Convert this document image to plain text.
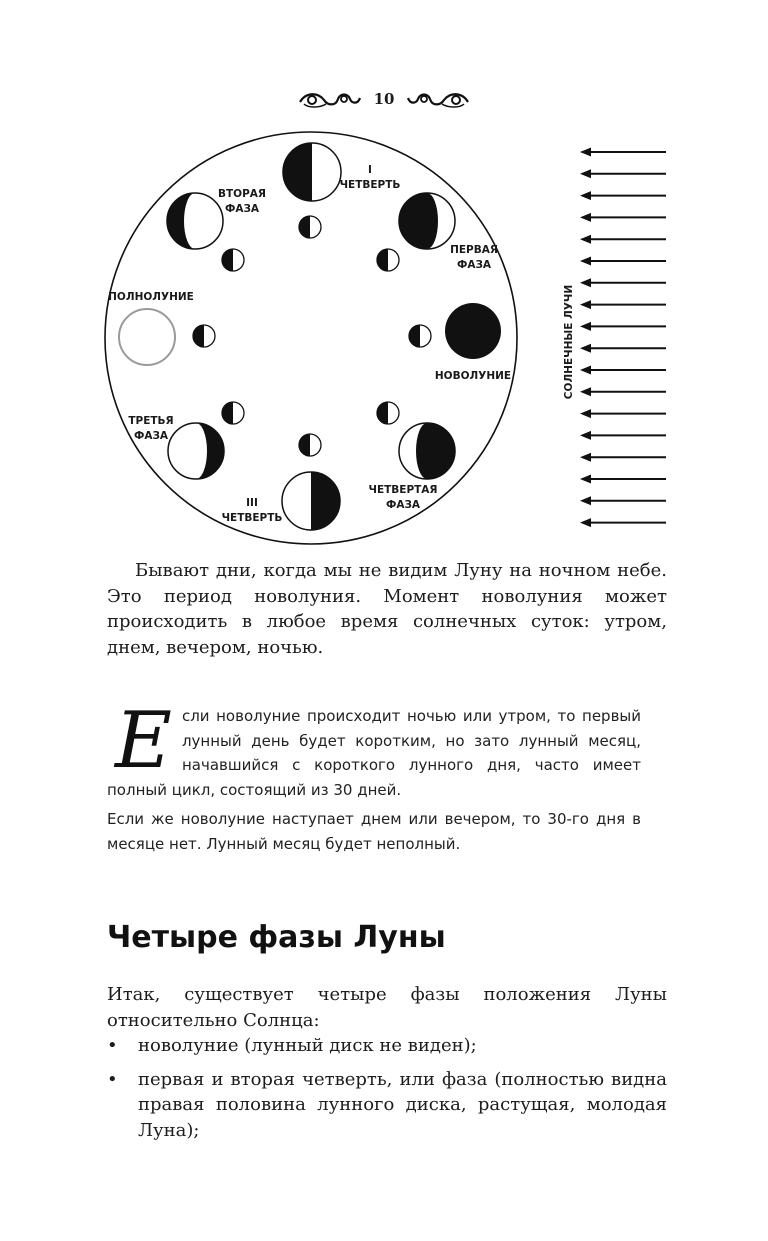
10
I
ЧЕТВЕРТЬ
ВТОРАЯ
ФАЗА
ПЕРВАЯ
ФАЗА
ПОЛНОЛУНИЕ
НОВОЛУНИЕ
ТРЕТЬЯ
ФАЗА
III
ЧЕТВЕРТЬ
ЧЕТВЕРТАЯ
ФАЗА
СОЛНЕЧНЫЕ ЛУЧИ
Бывают дни, когда мы не видим Луну на ночном небе. Это период новолуния. Момент новолуния может происходить в любое время солнечных суток: утром, днем, вечером, ночью.
Е сли новолуние происходит ночью или утром, то первый лунный день будет коротким, но зато лунный месяц, начавшийся с короткого лунного дня, часто имеет полный цикл, состоящий из 30 дней.

Если же новолуние наступает днем или вечером, то 30-го дня в месяце нет. Лунный месяц будет неполный.

Четыре фазы Луны
Итак, существует четыре фазы положения Луны относительно Солнца:
• новолуние (лунный диск не виден);
• первая и вторая четверть, или фаза (полностью видна правая половина лунного диска, растущая, молодая Луна);
